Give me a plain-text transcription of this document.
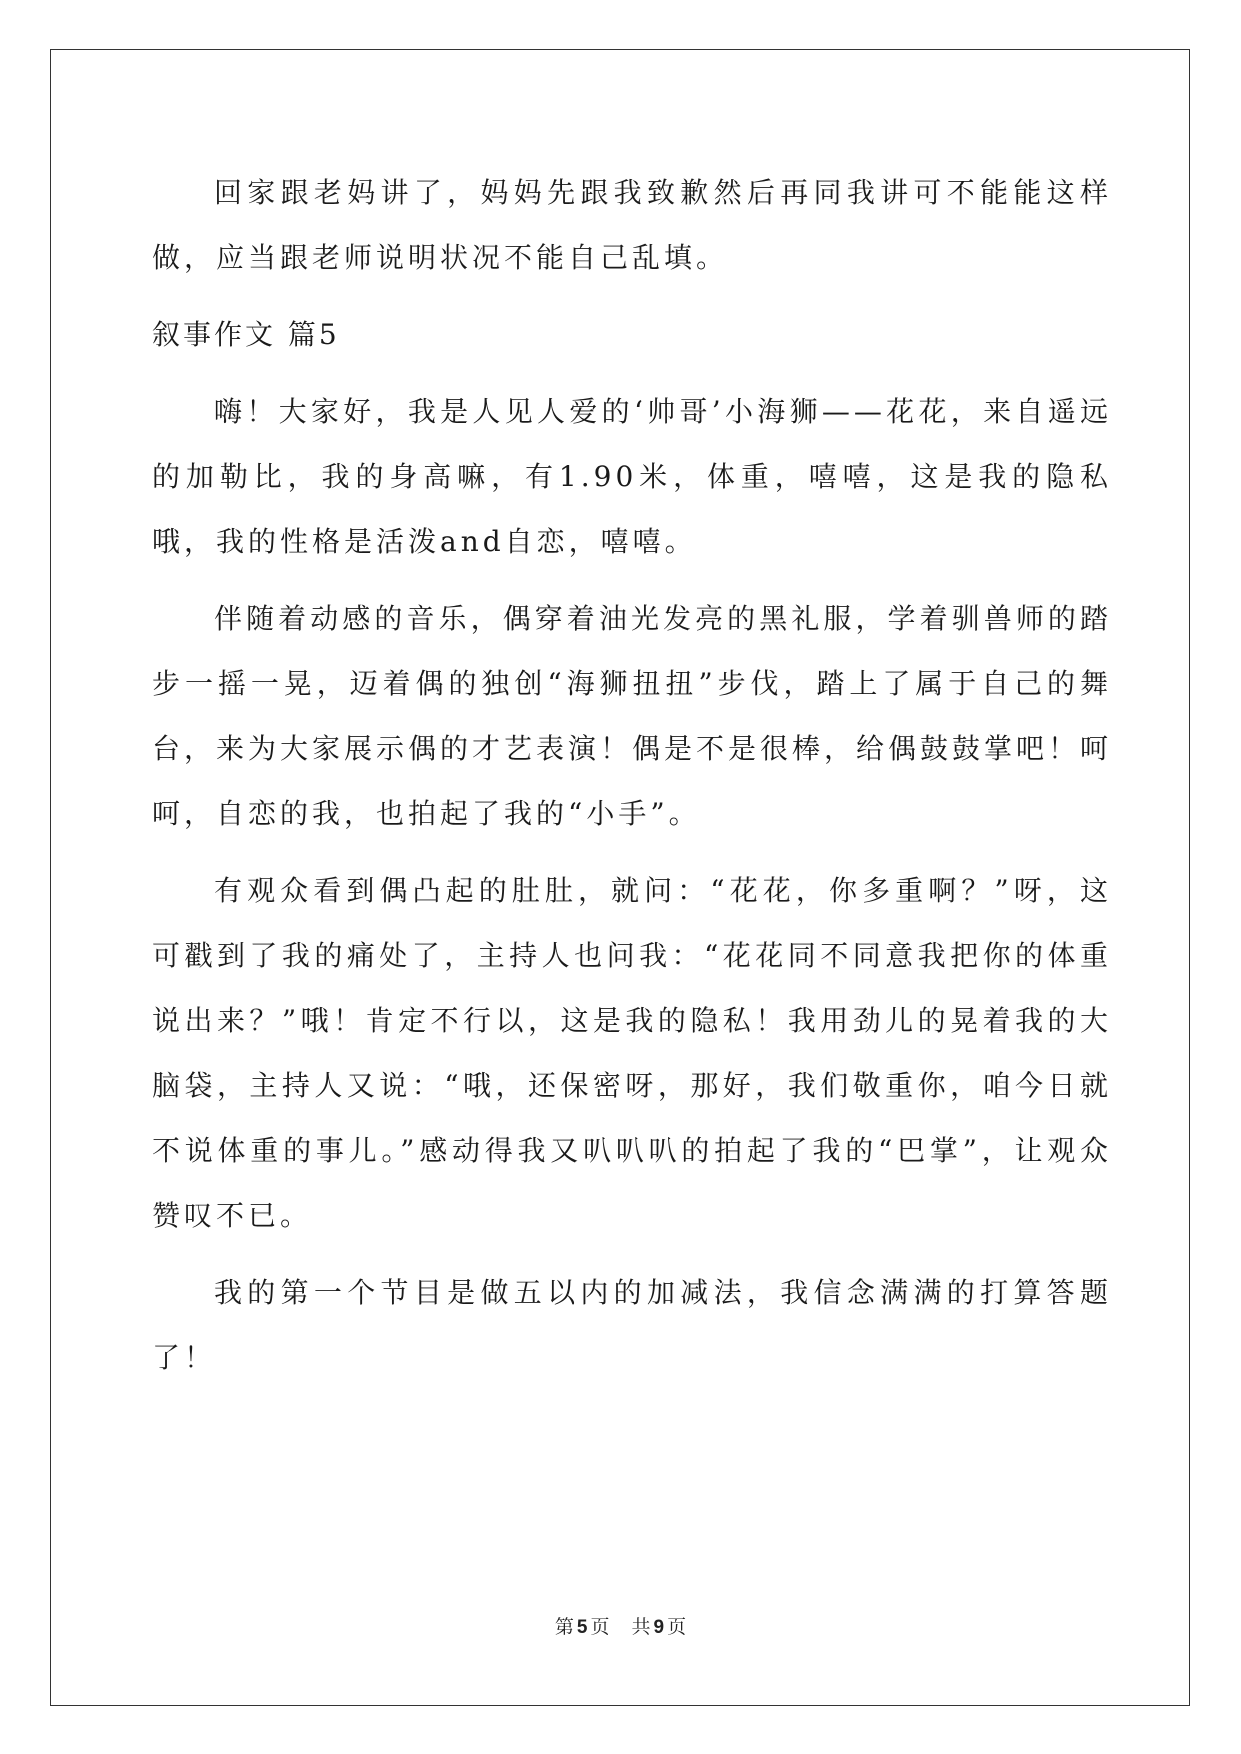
回家跟老妈讲了，妈妈先跟我致歉然后再同我讲可不能能这样做，应当跟老师说明状况不能自己乱填。

叙事作文 篇5

嗨！大家好，我是人见人爱的‘帅哥’小海狮——花花，来自遥远的加勒比，我的身高嘛，有1.90米，体重，嘻嘻，这是我的隐私哦，我的性格是活泼and自恋，嘻嘻。

伴随着动感的音乐，偶穿着油光发亮的黑礼服，学着驯兽师的踏步一摇一晃，迈着偶的独创“海狮扭扭”步伐，踏上了属于自己的舞台，来为大家展示偶的才艺表演！偶是不是很棒，给偶鼓鼓掌吧！呵呵，自恋的我，也拍起了我的“小手”。

有观众看到偶凸起的肚肚，就问：“花花，你多重啊？”呀，这可戳到了我的痛处了，主持人也问我：“花花同不同意我把你的体重说出来？”哦！肯定不行以，这是我的隐私！我用劲儿的晃着我的大脑袋，主持人又说：“哦，还保密呀，那好，我们敬重你，咱今日就不说体重的事儿。”感动得我又叭叭叭的拍起了我的“巴掌”，让观众赞叹不已。

我的第一个节目是做五以内的加减法，我信念满满的打算答题了！

第 5 页 共 9 页
